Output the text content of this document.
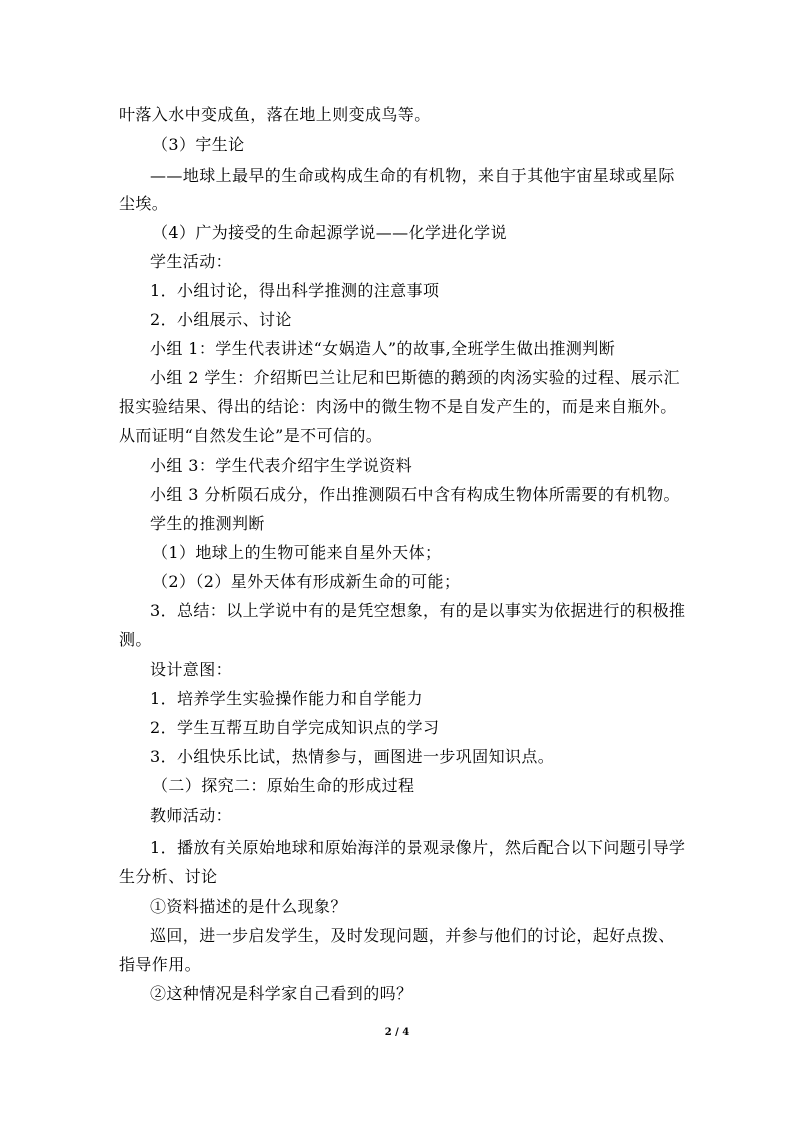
叶落入水中变成鱼，落在地上则变成鸟等。
（3）宇生论
——地球上最早的生命或构成生命的有机物，来自于其他宇宙星球或星际
尘埃。
（4）广为接受的生命起源学说——化学进化学说
学生活动：
1．小组讨论，得出科学推测的注意事项
2．小组展示、讨论
小组 1：学生代表讲述“女娲造人”的故事,全班学生做出推测判断
小组 2 学生：介绍斯巴兰让尼和巴斯德的鹅颈的肉汤实验的过程、展示汇
报实验结果、得出的结论：肉汤中的微生物不是自发产生的，而是来自瓶外。
从而证明“自然发生论”是不可信的。
小组 3：学生代表介绍宇生学说资料
小组 3 分析陨石成分，作出推测陨石中含有构成生物体所需要的有机物。
学生的推测判断
（1）地球上的生物可能来自星外天体；
（2）（2）星外天体有形成新生命的可能；
3．总结：以上学说中有的是凭空想象，有的是以事实为依据进行的积极推
测。
设计意图：
1．培养学生实验操作能力和自学能力
2．学生互帮互助自学完成知识点的学习
3．小组快乐比试，热情参与，画图进一步巩固知识点。
（二）探究二：原始生命的形成过程
教师活动：
1．播放有关原始地球和原始海洋的景观录像片，然后配合以下问题引导学
生分析、讨论
①资料描述的是什么现象？
巡回，进一步启发学生，及时发现问题，并参与他们的讨论，起好点拨、
指导作用。
②这种情况是科学家自己看到的吗？
2 / 4
